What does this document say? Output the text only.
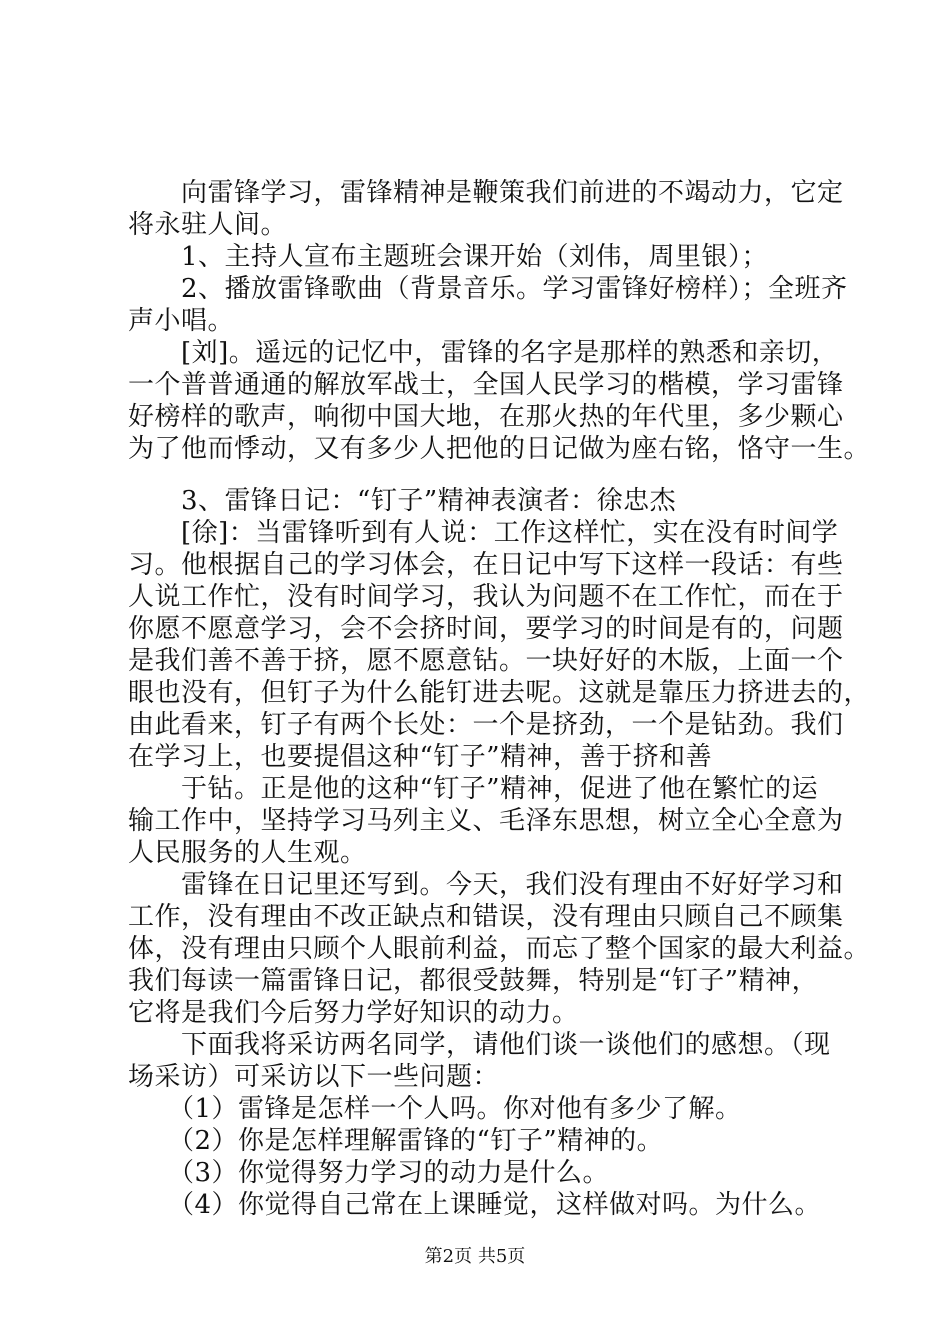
　　向雷锋学习，雷锋精神是鞭策我们前进的不竭动力，它定
将永驻人间。
　　1、主持人宣布主题班会课开始（刘伟，周里银）；
　　2、播放雷锋歌曲（背景音乐。学习雷锋好榜样）；全班齐
声小唱。
　　[刘]。遥远的记忆中，雷锋的名字是那样的熟悉和亲切，
一个普普通通的解放军战士，全国人民学习的楷模，学习雷锋
好榜样的歌声，响彻中国大地，在那火热的年代里，多少颗心
为了他而悸动，又有多少人把他的日记做为座右铭，恪守一生。
　　3、雷锋日记：“钉子”精神表演者：徐忠杰
　　[徐]：当雷锋听到有人说：工作这样忙，实在没有时间学
习。他根据自己的学习体会，在日记中写下这样一段话：有些
人说工作忙，没有时间学习，我认为问题不在工作忙，而在于
你愿不愿意学习，会不会挤时间，要学习的时间是有的，问题
是我们善不善于挤，愿不愿意钻。一块好好的木版，上面一个
眼也没有，但钉子为什么能钉进去呢。这就是靠压力挤进去的，
由此看来，钉子有两个长处：一个是挤劲，一个是钻劲。我们
在学习上，也要提倡这种“钉子”精神，善于挤和善
　　于钻。正是他的这种“钉子”精神，促进了他在繁忙的运
输工作中，坚持学习马列主义、毛泽东思想，树立全心全意为
人民服务的人生观。
　　雷锋在日记里还写到。今天，我们没有理由不好好学习和
工作，没有理由不改正缺点和错误，没有理由只顾自己不顾集
体，没有理由只顾个人眼前利益，而忘了整个国家的最大利益。
我们每读一篇雷锋日记，都很受鼓舞，特别是“钉子”精神，
它将是我们今后努力学好知识的动力。
　　下面我将采访两名同学，请他们谈一谈他们的感想。（现
场采访）可采访以下一些问题：
　　（1）雷锋是怎样一个人吗。你对他有多少了解。
　　（2）你是怎样理解雷锋的“钉子”精神的。
　　（3）你觉得努力学习的动力是什么。
　　（4）你觉得自己常在上课睡觉，这样做对吗。为什么。
第2页 共5页
